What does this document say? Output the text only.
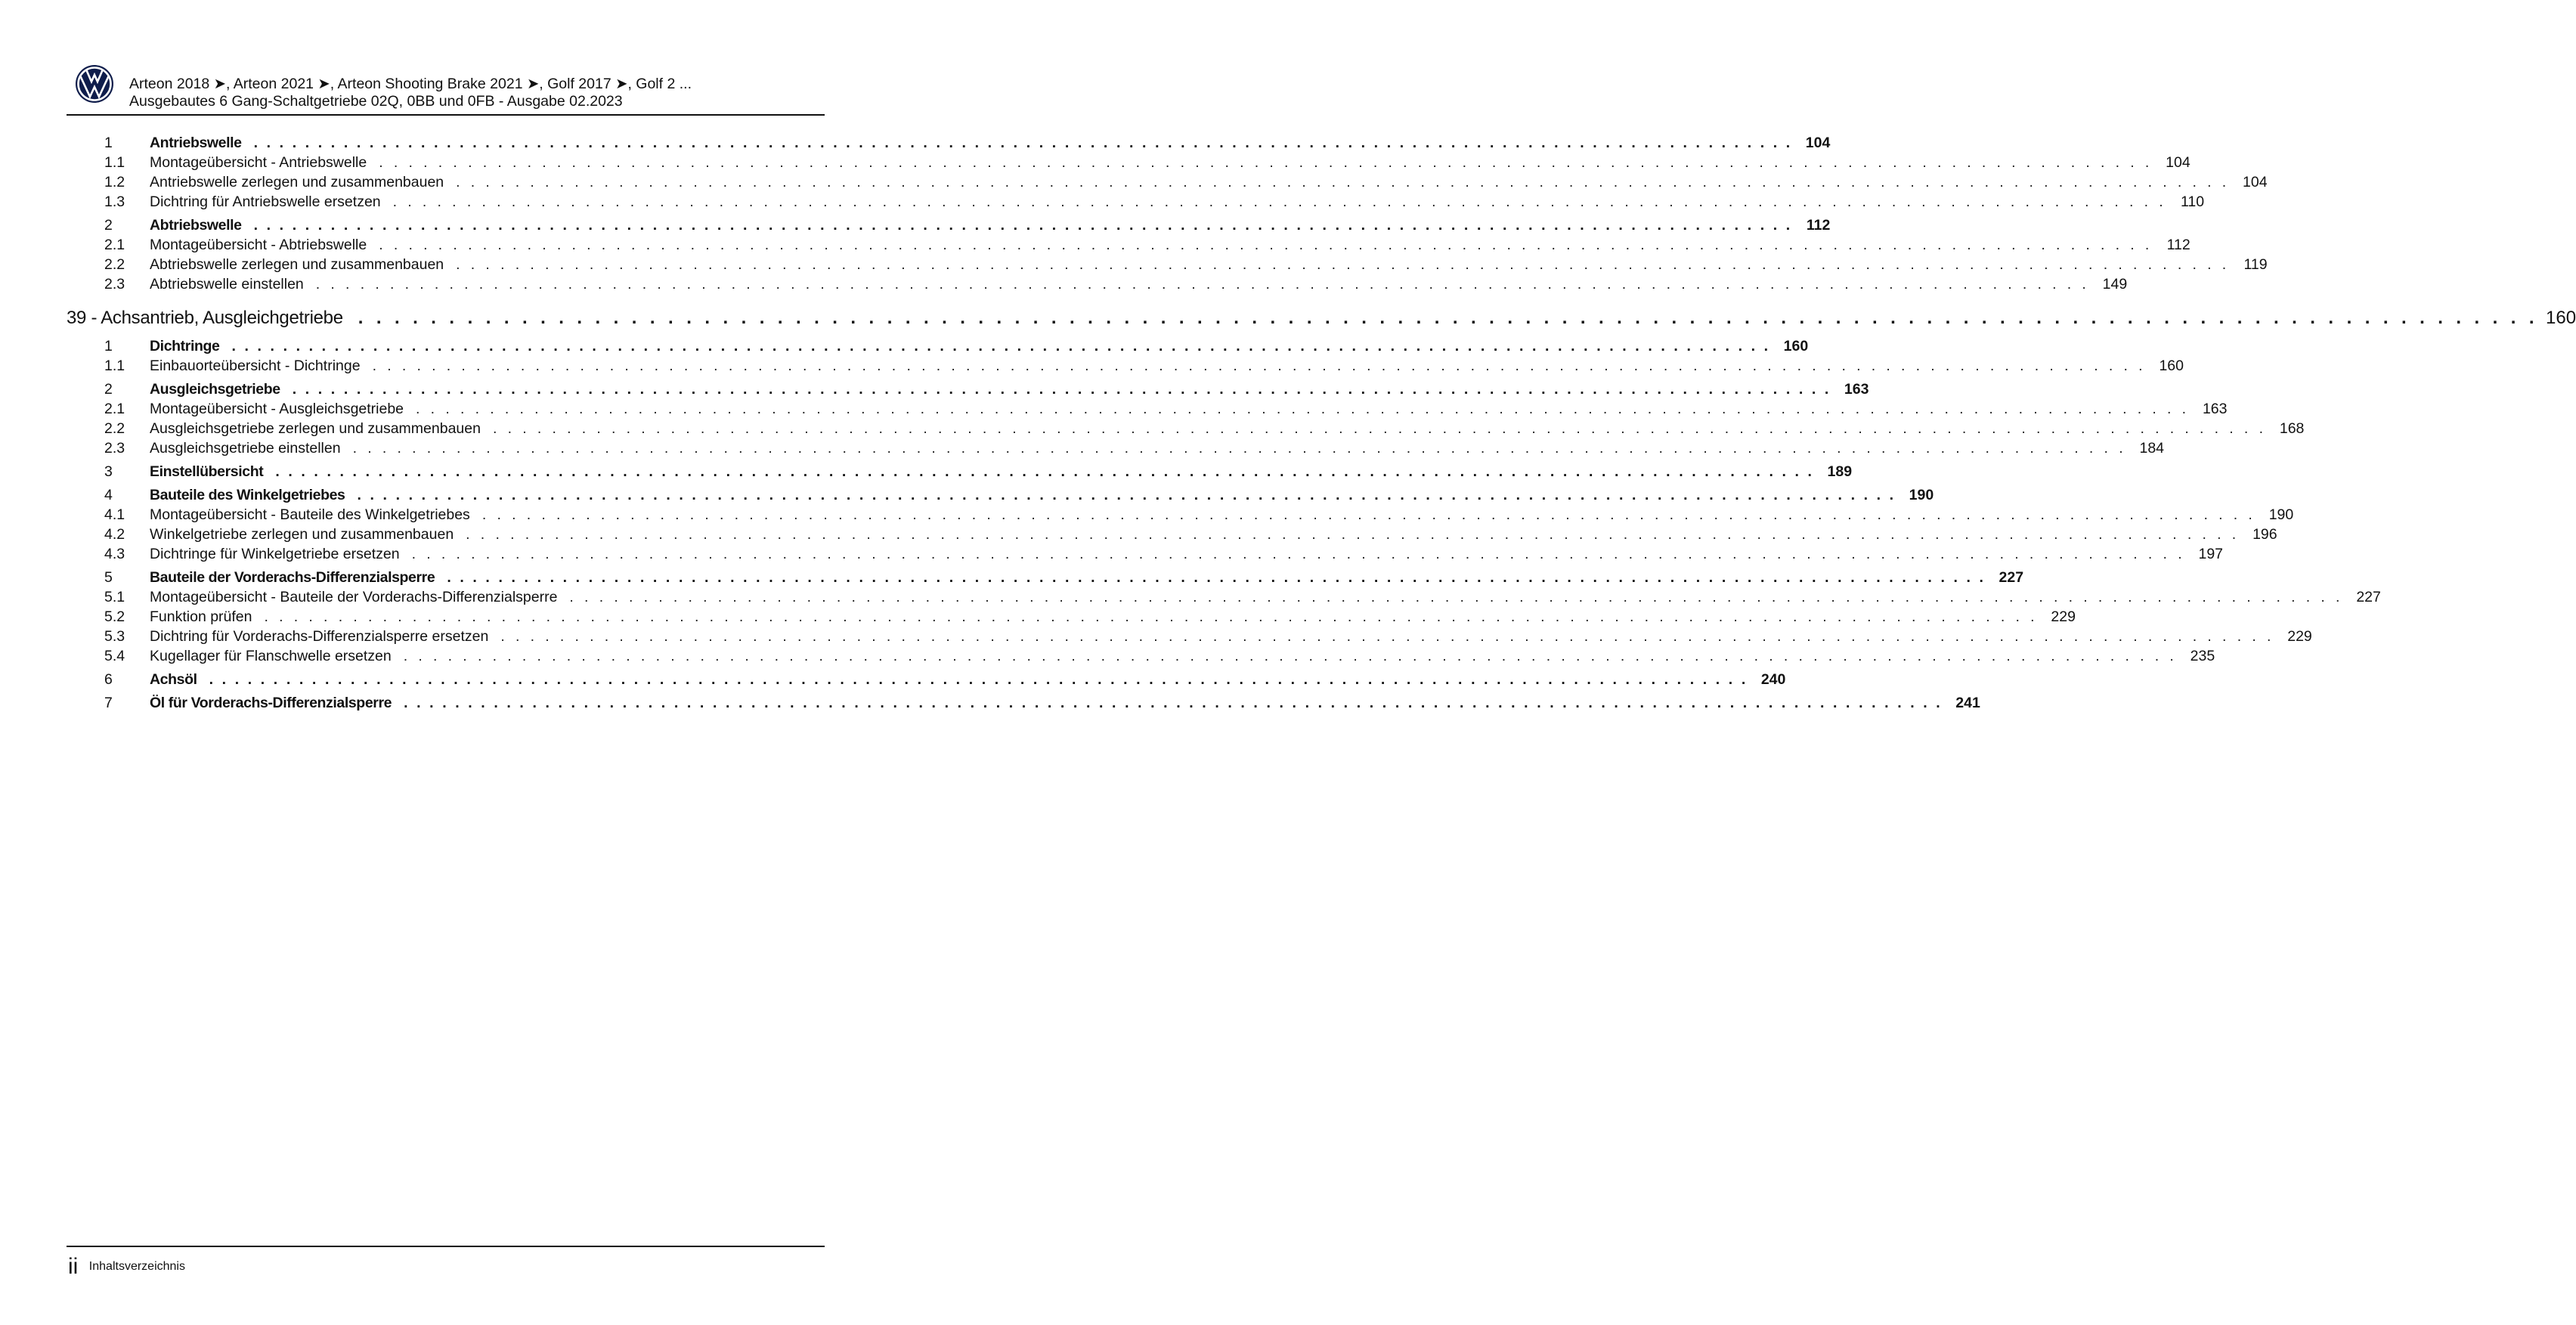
Arteon 2018 ➤, Arteon 2021 ➤, Arteon Shooting Brake 2021 ➤, Golf 2017 ➤, Golf 2 ...
Ausgebautes 6 Gang-Schaltgetriebe 02Q, 0BB und 0FB - Ausgabe 02.2023
1	Antriebswelle . . . . . . . . . . . . . . . . . . . . . . . . . . . . . . . . . . . . . . . . . . . . . . . . . . . . . . . . . . . . . . . . . . . . . . . . . . . . . . . . . . . . . . . . . . . . . . . . . . . . . . . . . . . . . . . . . . . . . . . . 104
1.1	Montageübersicht - Antriebswelle . . . . . . . . . . . . . . . . . . . . . . . . . . . . . . . . . . . . . . . . . . . . . . . . . . . . . . . . . . . . . . . . . . . . . . . . . . . . . . . . . . . . . . . . . . . . . . . . . . . . . . . . . . . . . . . . . . . . . . . . 104
1.2	Antriebswelle zerlegen und zusammenbauen . . . . . . . . . . . . . . . . . . . . . . . . . . . . . . . . . . . . . . . . . . . . . . . . . . . . . . . . . . . . . . . . . . . . . . . . . . . . . . . . . . . . . . . . . . . . . . . . . . . . . . . . . . . . . . . . . . . . . . . . 104
1.3	Dichtring für Antriebswelle ersetzen . . . . . . . . . . . . . . . . . . . . . . . . . . . . . . . . . . . . . . . . . . . . . . . . . . . . . . . . . . . . . . . . . . . . . . . . . . . . . . . . . . . . . . . . . . . . . . . . . . . . . . . . . . . . . . . . . . . . . . . . 110
2	Abtriebswelle . . . . . . . . . . . . . . . . . . . . . . . . . . . . . . . . . . . . . . . . . . . . . . . . . . . . . . . . . . . . . . . . . . . . . . . . . . . . . . . . . . . . . . . . . . . . . . . . . . . . . . . . . . . . . . . . . . . . . . . . 112
2.1	Montageübersicht - Abtriebswelle . . . . . . . . . . . . . . . . . . . . . . . . . . . . . . . . . . . . . . . . . . . . . . . . . . . . . . . . . . . . . . . . . . . . . . . . . . . . . . . . . . . . . . . . . . . . . . . . . . . . . . . . . . . . . . . . . . . . . . . . 112
2.2	Abtriebswelle zerlegen und zusammenbauen . . . . . . . . . . . . . . . . . . . . . . . . . . . . . . . . . . . . . . . . . . . . . . . . . . . . . . . . . . . . . . . . . . . . . . . . . . . . . . . . . . . . . . . . . . . . . . . . . . . . . . . . . . . . . . . . . . . . . . . . 119
2.3	Abtriebswelle einstellen . . . . . . . . . . . . . . . . . . . . . . . . . . . . . . . . . . . . . . . . . . . . . . . . . . . . . . . . . . . . . . . . . . . . . . . . . . . . . . . . . . . . . . . . . . . . . . . . . . . . . . . . . . . . . . . . . . . . . . . . 149
39 - Achsantrieb, Ausgleichgetriebe . . . . . . . . . . . . . . . . . . . . . . . . . . . . . . . . . . . . . . . . . . . . . . . . . . . . . . . . . . . . . . . . . . . . . . . . . . . . . . . . . . . . . . . . . . . . . . . . . . . . . . . . . . . . . . . . . . . . . . . . 160
1	Dichtringe . . . . . . . . . . . . . . . . . . . . . . . . . . . . . . . . . . . . . . . . . . . . . . . . . . . . . . . . . . . . . . . . . . . . . . . . . . . . . . . . . . . . . . . . . . . . . . . . . . . . . . . . . . . . . . . . . . . . . . . . 160
1.1	Einbauorteübersicht - Dichtringe . . . . . . . . . . . . . . . . . . . . . . . . . . . . . . . . . . . . . . . . . . . . . . . . . . . . . . . . . . . . . . . . . . . . . . . . . . . . . . . . . . . . . . . . . . . . . . . . . . . . . . . . . . . . . . . . . . . . . . . . 160
2	Ausgleichsgetriebe . . . . . . . . . . . . . . . . . . . . . . . . . . . . . . . . . . . . . . . . . . . . . . . . . . . . . . . . . . . . . . . . . . . . . . . . . . . . . . . . . . . . . . . . . . . . . . . . . . . . . . . . . . . . . . . . . . . . . . . . 163
2.1	Montageübersicht - Ausgleichsgetriebe . . . . . . . . . . . . . . . . . . . . . . . . . . . . . . . . . . . . . . . . . . . . . . . . . . . . . . . . . . . . . . . . . . . . . . . . . . . . . . . . . . . . . . . . . . . . . . . . . . . . . . . . . . . . . . . . . . . . . . . . 163
2.2	Ausgleichsgetriebe zerlegen und zusammenbauen . . . . . . . . . . . . . . . . . . . . . . . . . . . . . . . . . . . . . . . . . . . . . . . . . . . . . . . . . . . . . . . . . . . . . . . . . . . . . . . . . . . . . . . . . . . . . . . . . . . . . . . . . . . . . . . . . . . . . . . . 168
2.3	Ausgleichsgetriebe einstellen . . . . . . . . . . . . . . . . . . . . . . . . . . . . . . . . . . . . . . . . . . . . . . . . . . . . . . . . . . . . . . . . . . . . . . . . . . . . . . . . . . . . . . . . . . . . . . . . . . . . . . . . . . . . . . . . . . . . . . . . 184
3	Einstellübersicht . . . . . . . . . . . . . . . . . . . . . . . . . . . . . . . . . . . . . . . . . . . . . . . . . . . . . . . . . . . . . . . . . . . . . . . . . . . . . . . . . . . . . . . . . . . . . . . . . . . . . . . . . . . . . . . . . . . . . . . . 189
4	Bauteile des Winkelgetriebes . . . . . . . . . . . . . . . . . . . . . . . . . . . . . . . . . . . . . . . . . . . . . . . . . . . . . . . . . . . . . . . . . . . . . . . . . . . . . . . . . . . . . . . . . . . . . . . . . . . . . . . . . . . . . . . . . . . . . . . . 190
4.1	Montageübersicht - Bauteile des Winkelgetriebes . . . . . . . . . . . . . . . . . . . . . . . . . . . . . . . . . . . . . . . . . . . . . . . . . . . . . . . . . . . . . . . . . . . . . . . . . . . . . . . . . . . . . . . . . . . . . . . . . . . . . . . . . . . . . . . . . . . . . . . . 190
4.2	Winkelgetriebe zerlegen und zusammenbauen . . . . . . . . . . . . . . . . . . . . . . . . . . . . . . . . . . . . . . . . . . . . . . . . . . . . . . . . . . . . . . . . . . . . . . . . . . . . . . . . . . . . . . . . . . . . . . . . . . . . . . . . . . . . . . . . . . . . . . . . 196
4.3	Dichtringe für Winkelgetriebe ersetzen . . . . . . . . . . . . . . . . . . . . . . . . . . . . . . . . . . . . . . . . . . . . . . . . . . . . . . . . . . . . . . . . . . . . . . . . . . . . . . . . . . . . . . . . . . . . . . . . . . . . . . . . . . . . . . . . . . . . . . . . 197
5	Bauteile der Vorderachs-Differenzialsperre . . . . . . . . . . . . . . . . . . . . . . . . . . . . . . . . . . . . . . . . . . . . . . . . . . . . . . . . . . . . . . . . . . . . . . . . . . . . . . . . . . . . . . . . . . . . . . . . . . . . . . . . . . . . . . . . . . . . . . . . 227
5.1	Montageübersicht - Bauteile der Vorderachs-Differenzialsperre . . . . . . . . . . . . . . . . . . . . . . . . . . . . . . . . . . . . . . . . . . . . . . . . . . . . . . . . . . . . . . . . . . . . . . . . . . . . . . . . . . . . . . . . . . . . . . . . . . . . . . . . . . . . . . . . . . . . . . . . 227
5.2	Funktion prüfen . . . . . . . . . . . . . . . . . . . . . . . . . . . . . . . . . . . . . . . . . . . . . . . . . . . . . . . . . . . . . . . . . . . . . . . . . . . . . . . . . . . . . . . . . . . . . . . . . . . . . . . . . . . . . . . . . . . . . . . . 229
5.3	Dichtring für Vorderachs-Differenzialsperre ersetzen . . . . . . . . . . . . . . . . . . . . . . . . . . . . . . . . . . . . . . . . . . . . . . . . . . . . . . . . . . . . . . . . . . . . . . . . . . . . . . . . . . . . . . . . . . . . . . . . . . . . . . . . . . . . . . . . . . . . . . . . 229
5.4	Kugellager für Flanschwelle ersetzen . . . . . . . . . . . . . . . . . . . . . . . . . . . . . . . . . . . . . . . . . . . . . . . . . . . . . . . . . . . . . . . . . . . . . . . . . . . . . . . . . . . . . . . . . . . . . . . . . . . . . . . . . . . . . . . . . . . . . . . . 235
6	Achsöl . . . . . . . . . . . . . . . . . . . . . . . . . . . . . . . . . . . . . . . . . . . . . . . . . . . . . . . . . . . . . . . . . . . . . . . . . . . . . . . . . . . . . . . . . . . . . . . . . . . . . . . . . . . . . . . . . . . . . . . . 240
7	Öl für Vorderachs-Differenzialsperre . . . . . . . . . . . . . . . . . . . . . . . . . . . . . . . . . . . . . . . . . . . . . . . . . . . . . . . . . . . . . . . . . . . . . . . . . . . . . . . . . . . . . . . . . . . . . . . . . . . . . . . . . . . . . . . . . . . . . . . . 241
ii Inhaltsverzeichnis
